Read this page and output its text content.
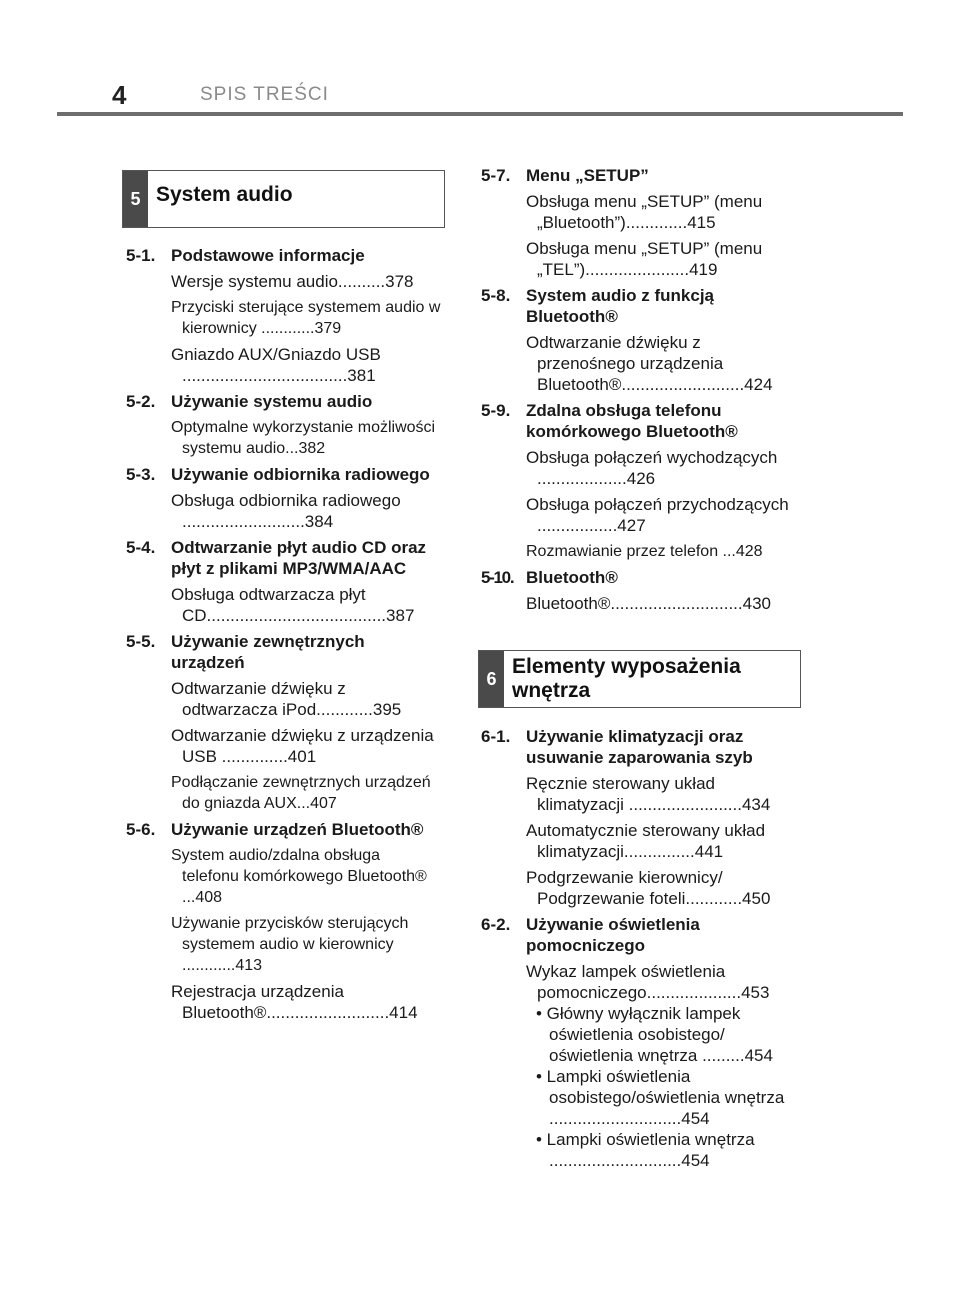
4	SPIS TREŚCI
5 System audio
5-1. Podstawowe informacje
Wersje systemu audio..........378
Przyciski sterujące systemem audio w kierownicy ............379
Gniazdo AUX/Gniazdo USB ...................................381
5-2. Używanie systemu audio
Optymalne wykorzystanie możliwości systemu audio...382
5-3. Używanie odbiornika radiowego
Obsługa odbiornika radiowego ..........................384
5-4. Odtwarzanie płyt audio CD oraz płyt z plikami MP3/WMA/AAC
Obsługa odtwarzacza płyt CD......................................387
5-5. Używanie zewnętrznych urządzeń
Odtwarzanie dźwięku z odtwarzacza iPod............395
Odtwarzanie dźwięku z urządzenia USB ..............401
Podłączanie zewnętrznych urządzeń do gniazda AUX...407
5-6. Używanie urządzeń Bluetooth®
System audio/zdalna obsługa telefonu komórkowego Bluetooth® ...408
Używanie przycisków sterujących systemem audio w kierownicy ............413
Rejestracja urządzenia Bluetooth®..........................414
5-7. Menu „SETUP”
Obsługa menu „SETUP” (menu „Bluetooth”).............415
Obsługa menu „SETUP” (menu „TEL”)......................419
5-8. System audio z funkcją Bluetooth®
Odtwarzanie dźwięku z przenośnego urządzenia Bluetooth®..........................424
5-9. Zdalna obsługa telefonu komórkowego Bluetooth®
Obsługa połączeń wychodzących ...................426
Obsługa połączeń przychodzących .................427
Rozmawianie przez telefon ...428
5-10. Bluetooth®
Bluetooth®............................430
6
Elementy wyposażenia wnętrza
6-1. Używanie klimatyzacji oraz usuwanie zaparowania szyb
Ręcznie sterowany układ klimatyzacji ........................434
Automatycznie sterowany układ klimatyzacji...............441
Podgrzewanie kierownicy/ Podgrzewanie foteli............450
6-2. Używanie oświetlenia pomocniczego
Wykaz lampek oświetlenia pomocniczego....................453
• Główny wyłącznik lampek oświetlenia osobistego/ oświetlenia wnętrza .........454
• Lampki oświetlenia osobistego/oświetlenia wnętrza ............................454
• Lampki oświetlenia wnętrza ............................454
